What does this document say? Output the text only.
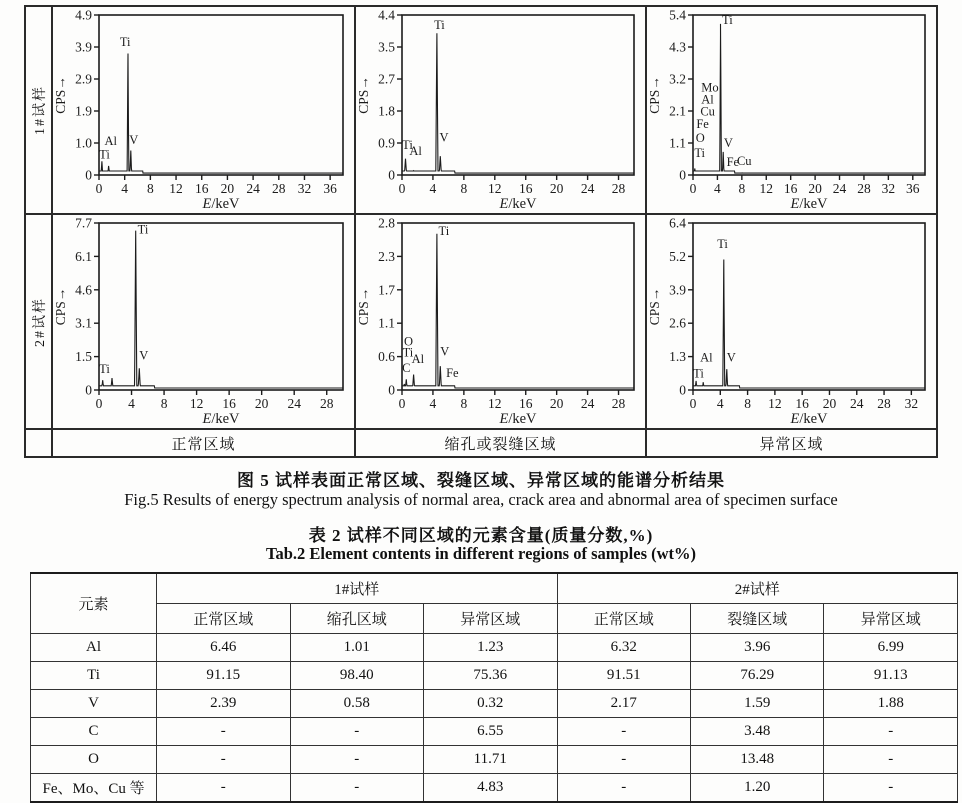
1#试样
0
1.0
1.9
2.9
3.9
4.9
0 4 8 12 16 20 24 28 32 36
CPS→
E/keV
Ti
Al V
Ti
0
0.9
1.8
2.7
3.5
4.4
0 4 8 12 16 20 24 28
CPS→
E/keV
Ti
Ti
Al
V
0
1.1
2.1
3.2
4.3
5.4
0 4 8 12 16 20 24 28 32 36
CPS→
E/keV
Ti
Mo
Al
Cu
Fe
O
Ti
V
Fe
Cu
2#试样
0
1.5
3.1
4.6
6.1
7.7
0 4 8 12 16 20 24 28
CPS→
E/keV
Ti
V
Ti
0
0.6
1.1
1.7
2.3
2.8
0 4 8 12 16 20 24 28
CPS→
E/keV
Ti
O
Ti
C
Al
V
Fe
0
1.3
2.6
3.9
5.2
6.4
0 4 8 12 16 20 24 28 32
CPS→
E/keV
Ti
Al V
Ti
正常区域	缩孔或裂缝区域	异常区域
图 5 试样表面正常区域、裂缝区域、异常区域的能谱分析结果
Fig.5 Results of energy spectrum analysis of normal area, crack area and abnormal area of specimen surface
表 2 试样不同区域的元素含量(质量分数,%)
Tab.2 Element contents in different regions of samples (wt%)
元素	1#试样			2#试样		
	正常区域	缩孔区域	异常区域	正常区域	裂缝区域	异常区域
Al	6.46	1.01	1.23	6.32	3.96	6.99
Ti	91.15	98.40	75.36	91.51	76.29	91.13
V	2.39	0.58	0.32	2.17	1.59	1.88
C	-	-	6.55	-	3.48	-
O	-	-	11.71	-	13.48	-
Fe、Mo、Cu 等	-	-	4.83	-	1.20	-
